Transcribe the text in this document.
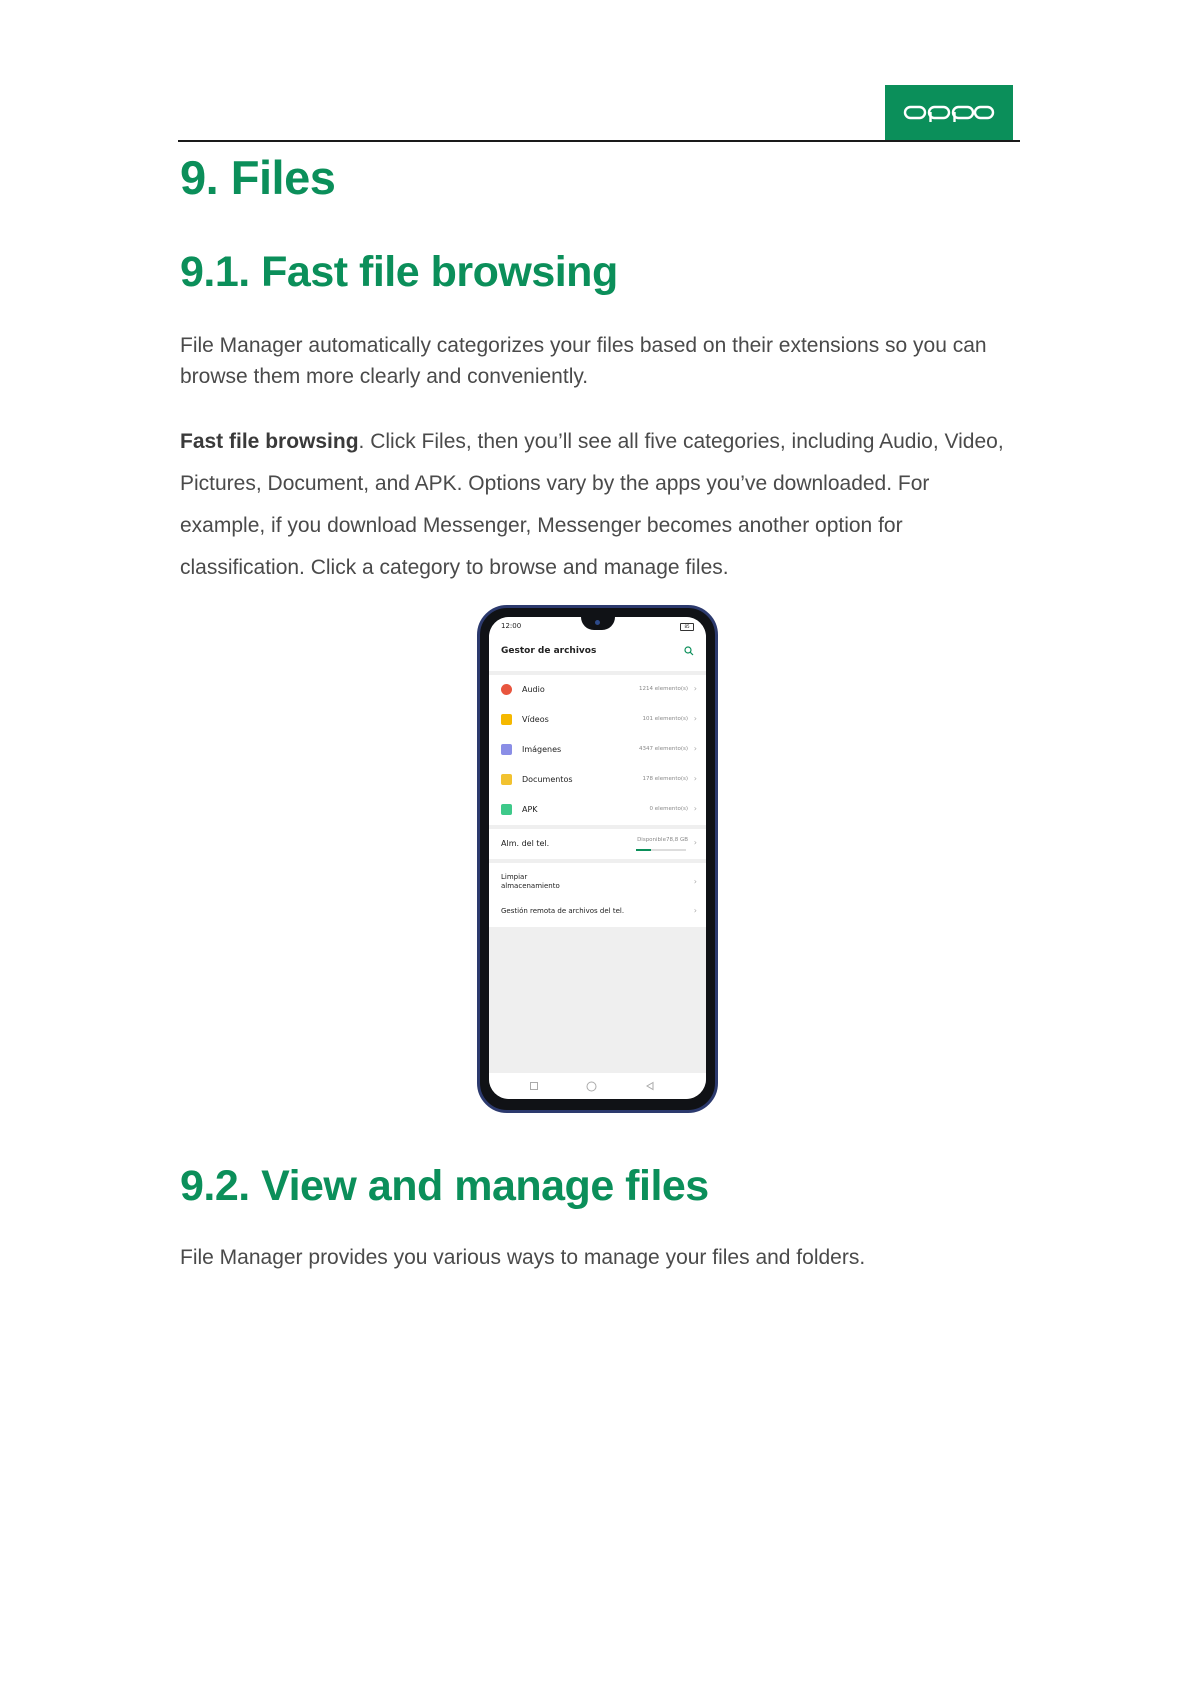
9. Files
9.1. Fast file browsing

File Manager automatically categorizes your files based on their extensions so you can browse them more clearly and conveniently.

Fast file browsing. Click Files, then you’ll see all five categories, including Audio, Video, Pictures, Document, and APK. Options vary by the apps you’ve downloaded. For example, if you download Messenger, Messenger becomes another option for classification. Click a category to browse and manage files.

12:00	85
Gestor de archivos
Audio	1214 elemento(s) ›
Vídeos	101 elemento(s) ›
Imágenes	4347 elemento(s) ›
Documentos	178 elemento(s) ›
APK	0 elemento(s) ›
Alm. del tel.	Disponible78,8 GB ›
Limpiar
almacenamiento	›
Gestión remota de archivos del tel.	›
9.2. View and manage files

File Manager provides you various ways to manage your files and folders.
